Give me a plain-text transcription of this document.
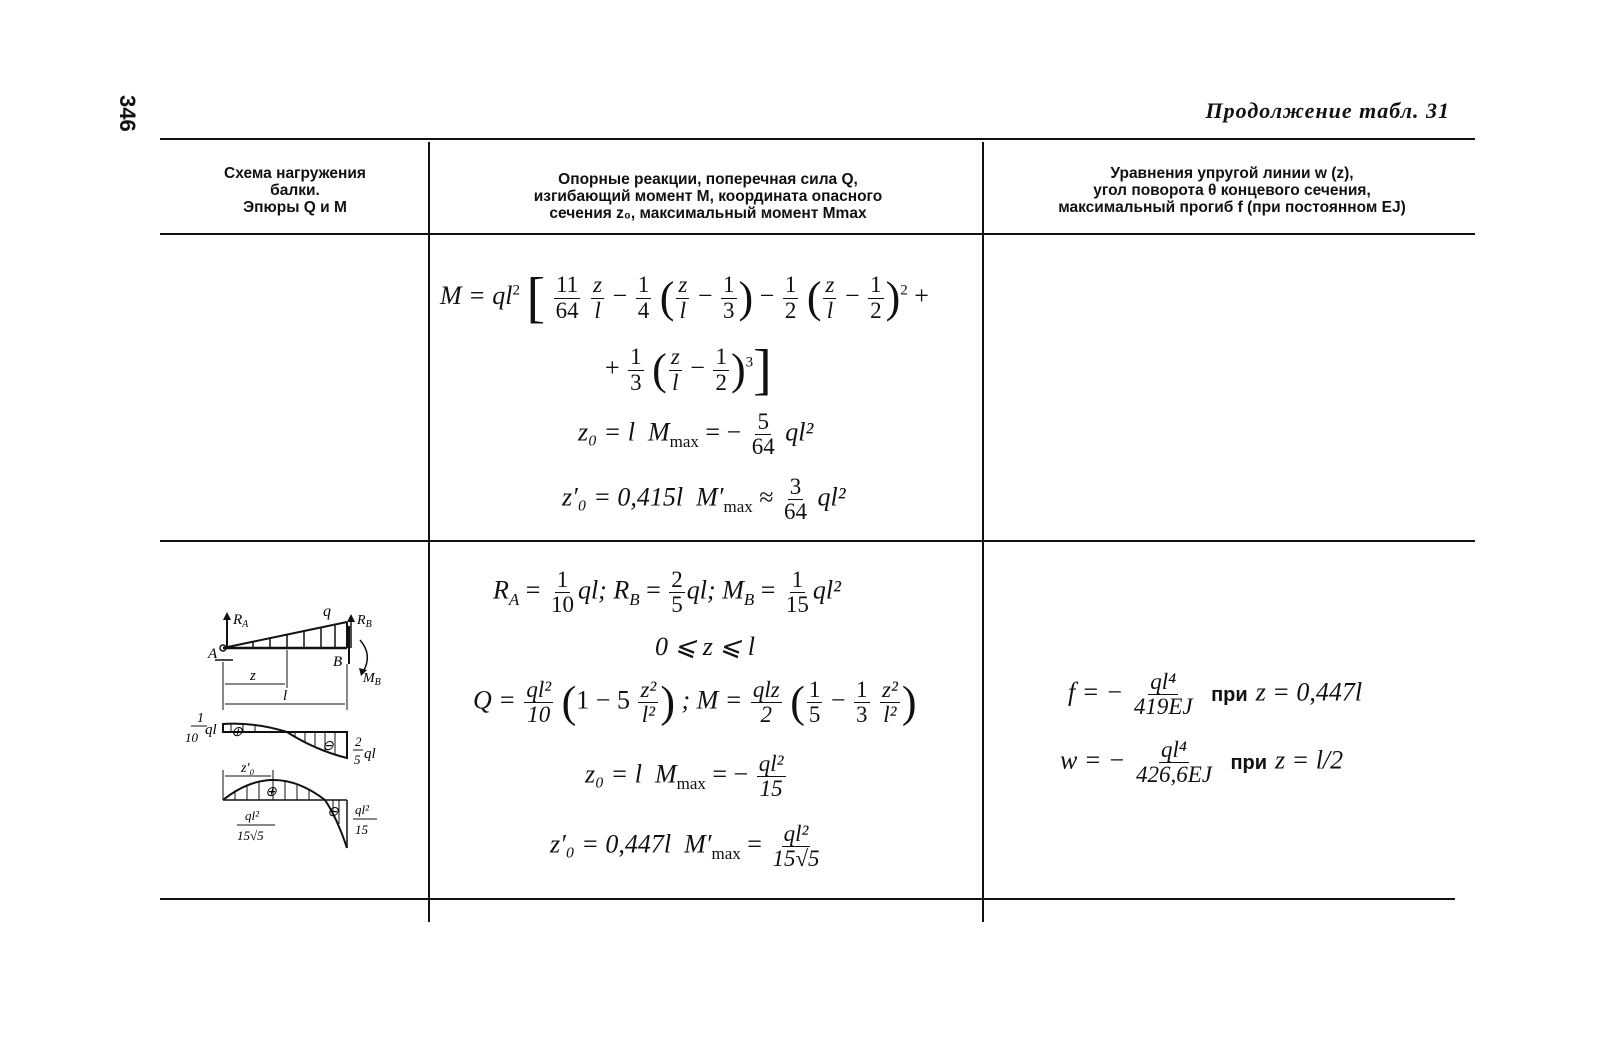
346	Продолжение табл. 31
Схема нагружения
балки.
Эпюры Q и M
Опорные реакции, поперечная сила Q,
изгибающий момент M, координата опасного
сечения z₀, максимальный момент Mmax
Уравнения упругой линии w (z),
угол поворота θ концевого сечения,
максимальный прогиб f (при постоянном EJ)
$M = ql^2$ [ $\frac{11}{64}$
$\frac{z}{l} - \frac{1}{4}$ ( $\frac{z}{l} - \frac{1}{3}$ ) − $\frac{1}{2}$ ( $\frac{z}{l} - \frac{1}{2} )^2$ +
+ $\frac{1}{3}$ ( $\frac{z}{l} - \frac{1}{2} )^3$]
z₀ = l $M_{max}$ = − $\frac{5}{64} ql^2$
z′₀ = 0,415l $M'_{max} \approx \frac{3}{64} ql^2$
$R_A$
q
$R_B$
A	B
$M_B$
z
l
⊕
⊖
1
10 ql
2
5 ql
z′₀
⊕
⊖
ql²
15√5
ql²
15
$R_A = \frac{1}{10}$ ql; $R_B = \frac{2}{5}$ ql; $M_B = \frac{1}{15} ql^2$
0 ⩽ z ⩽ l
$Q = \frac{\text{ql²}}{10} (1 - 5 \frac{\text{z²}}{\text{l²}}$ ) ; $M = \frac{\text{qlz}}{2}$ ( $\frac{1}{5} - \frac{1}{3}$
$\frac{\text{z²}}{\text{l²}}$ )
z₀ = l $M_{max}$ = − $\frac{\text{ql²}}{15}$
z′₀ = 0,447l $M'_{max} = \frac{\text{ql²}}{15√5}$
f = − $\frac{\text{ql⁴}}{419EJ}$ при z = 0,447l
w = − $\frac{\text{ql⁴}}{426,6EJ}$ при z = l/2
